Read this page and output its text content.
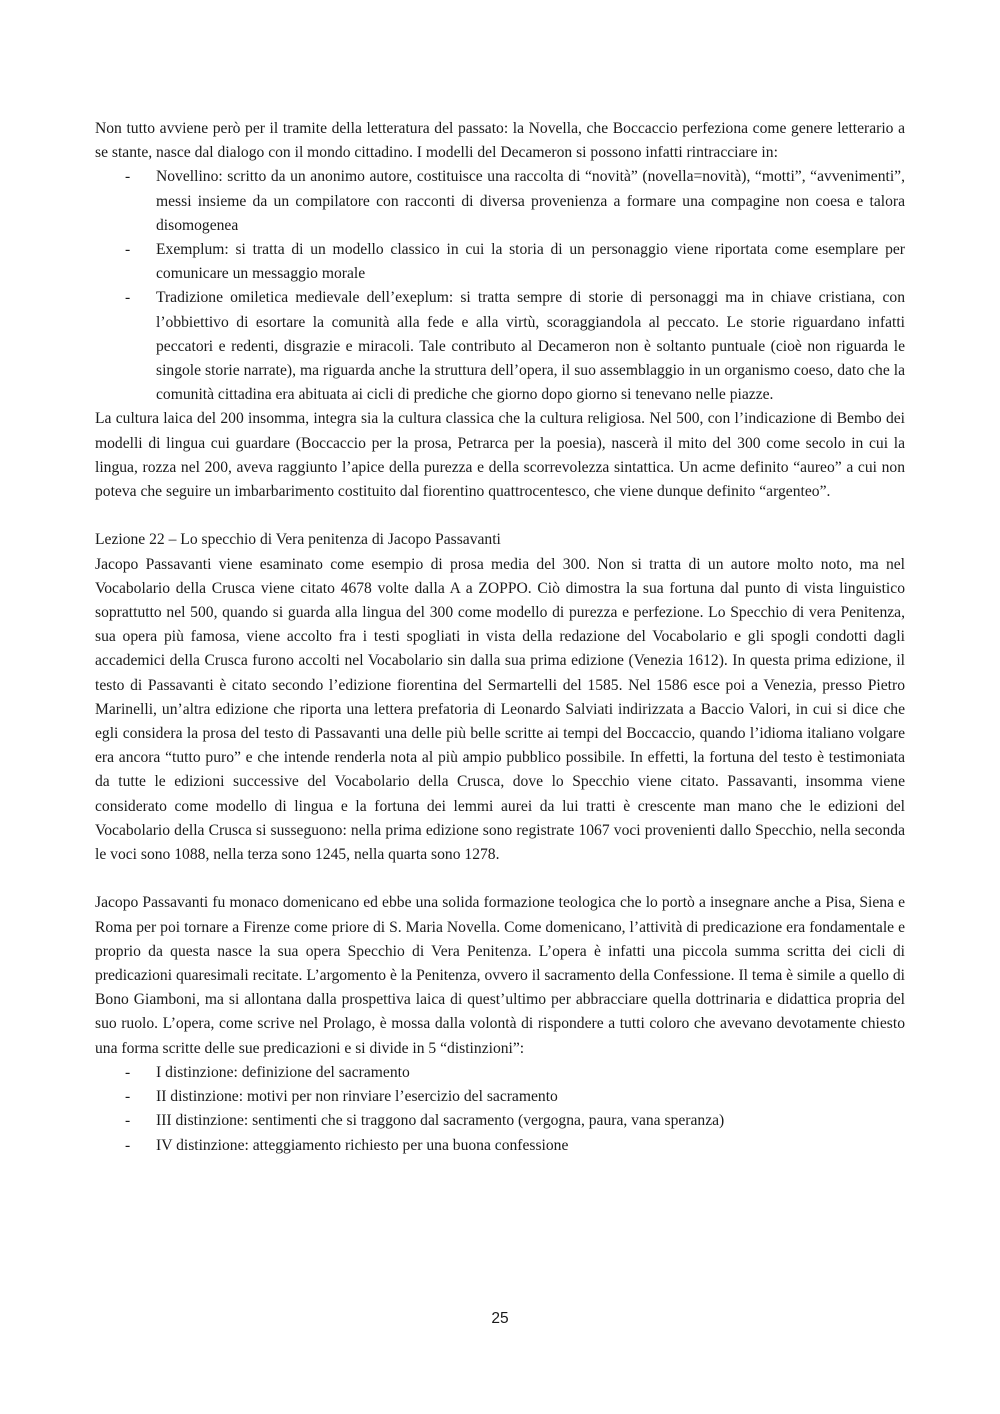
Non tutto avviene però per il tramite della letteratura del passato: la Novella, che Boccaccio perfeziona come genere letterario a se stante, nasce dal dialogo con il mondo cittadino. I modelli del Decameron si possono infatti rintracciare in:

- Novellino: scritto da un anonimo autore, costituisce una raccolta di “novità” (novella=novità), “motti”, “avvenimenti”, messi insieme da un compilatore con racconti di diversa provenienza a formare una compagine non coesa e talora disomogenea
- Exemplum: si tratta di un modello classico in cui la storia di un personaggio viene riportata come esemplare per comunicare un messaggio morale
- Tradizione omiletica medievale dell’exeplum: si tratta sempre di storie di personaggi ma in chiave cristiana, con l’obbiettivo di esortare la comunità alla fede e alla virtù, scoraggiandola al peccato. Le storie riguardano infatti peccatori e redenti, disgrazie e miracoli. Tale contributo al Decameron non è soltanto puntuale (cioè non riguarda le singole storie narrate), ma riguarda anche la struttura dell’opera, il suo assemblaggio in un organismo coeso, dato che la comunità cittadina era abituata ai cicli di prediche che giorno dopo giorno si tenevano nelle piazze.

La cultura laica del 200 insomma, integra sia la cultura classica che la cultura religiosa. Nel 500, con l’indicazione di Bembo dei modelli di lingua cui guardare (Boccaccio per la prosa, Petrarca per la poesia), nascerà il mito del 300 come secolo in cui la lingua, rozza nel 200, aveva raggiunto l’apice della purezza e della scorrevolezza sintattica. Un acme definito “aureo” a cui non poteva che seguire un imbarbarimento costituito dal fiorentino quattrocentesco, che viene dunque definito “argenteo”.

Lezione 22 – Lo specchio di Vera penitenza di Jacopo Passavanti

Jacopo Passavanti viene esaminato come esempio di prosa media del 300. Non si tratta di un autore molto noto, ma nel Vocabolario della Crusca viene citato 4678 volte dalla A a ZOPPO. Ciò dimostra la sua fortuna dal punto di vista linguistico soprattutto nel 500, quando si guarda alla lingua del 300 come modello di purezza e perfezione. Lo Specchio di vera Penitenza, sua opera più famosa, viene accolto fra i testi spogliati in vista della redazione del Vocabolario e gli spogli condotti dagli accademici della Crusca furono accolti nel Vocabolario sin dalla sua prima edizione (Venezia 1612). In questa prima edizione, il testo di Passavanti è citato secondo l’edizione fiorentina del Sermartelli del 1585. Nel 1586 esce poi a Venezia, presso Pietro Marinelli, un’altra edizione che riporta una lettera prefatoria di Leonardo Salviati indirizzata a Baccio Valori, in cui si dice che egli considera la prosa del testo di Passavanti una delle più belle scritte ai tempi del Boccaccio, quando l’idioma italiano volgare era ancora “tutto puro” e che intende renderla nota al più ampio pubblico possibile. In effetti, la fortuna del testo è testimoniata da tutte le edizioni successive del Vocabolario della Crusca, dove lo Specchio viene citato. Passavanti, insomma viene considerato come modello di lingua e la fortuna dei lemmi aurei da lui tratti è crescente man mano che le edizioni del Vocabolario della Crusca si susseguono: nella prima edizione sono registrate 1067 voci provenienti dallo Specchio, nella seconda le voci sono 1088, nella terza sono 1245, nella quarta sono 1278.

Jacopo Passavanti fu monaco domenicano ed ebbe una solida formazione teologica che lo portò a insegnare anche a Pisa, Siena e Roma per poi tornare a Firenze come priore di S. Maria Novella. Come domenicano, l’attività di predicazione era fondamentale e proprio da questa nasce la sua opera Specchio di Vera Penitenza. L’opera è infatti una piccola summa scritta dei cicli di predicazioni quaresimali recitate. L’argomento è la Penitenza, ovvero il sacramento della Confessione. Il tema è simile a quello di Bono Giamboni, ma si allontana dalla prospettiva laica di quest’ultimo per abbracciare quella dottrinaria e didattica propria del suo ruolo. L’opera, come scrive nel Prolago, è mossa dalla volontà di rispondere a tutti coloro che avevano devotamente chiesto una forma scritte delle sue predicazioni e si divide in 5 “distinzioni”:

- I distinzione: definizione del sacramento
- II distinzione: motivi per non rinviare l’esercizio del sacramento
- III distinzione: sentimenti che si traggono dal sacramento (vergogna, paura, vana speranza)
- IV distinzione: atteggiamento richiesto per una buona confessione
25
